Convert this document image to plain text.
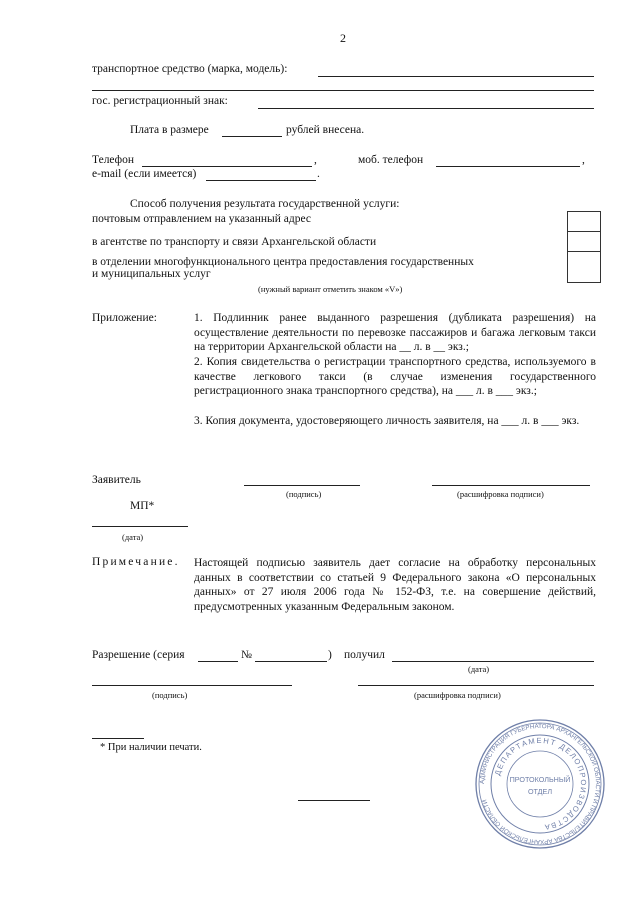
2
транспортное средство (марка, модель):
гос. регистрационный знак:
Плата в размере	рублей внесена.
Телефон	,	моб. телефон	,
e-mail (если имеется)	.
Способ получения результата государственной услуги:
почтовым отправлением на указанный адрес
в агентстве по транспорту и связи Архангельской области
в отделении многофункционального центра предоставления государственных
и муниципальных услуг
(нужный вариант отметить знаком «V»)
Приложение:	1. Подлинник ранее выданного разрешения (дубликата разрешения) на осуществление деятельности по перевозке пассажиров и багажа легковым такси на территории Архангельской области на __ л. в __ экз.;
2. Копия свидетельства о регистрации транспортного средства, используемого в качестве легкового такси (в случае изменения государственного регистрационного знака транспортного средства), на ___ л. в ___ экз.;
3. Копия документа, удостоверяющего личность заявителя, на ___ л. в ___ экз.
Заявитель
(подпись)	(расшифровка подписи)
МП*
(дата)
Примечание. Настоящей подписью заявитель дает согласие на обработку персональных данных в соответствии со статьей 9 Федерального закона «О персональных данных» от 27 июля 2006 года № 152-ФЗ, т.е. на совершение действий, предусмотренных указанным Федеральным законом.
Разрешение (серия	№	) получил
(дата)
(подпись)	(расшифровка подписи)
* При наличии печати.
АДМИНИСТРАЦИЯ ГУБЕРНАТОРА АРХАНГЕЛЬСКОЙ ОБЛАСТИ И ПРАВИТЕЛЬСТВА АРХАНГЕЛЬСКОЙ ОБЛАСТИ
ДЕПАРТАМЕНТ ДЕЛОПРОИЗВОДСТВА
ПРОТОКОЛЬНЫЙ
ОТДЕЛ
